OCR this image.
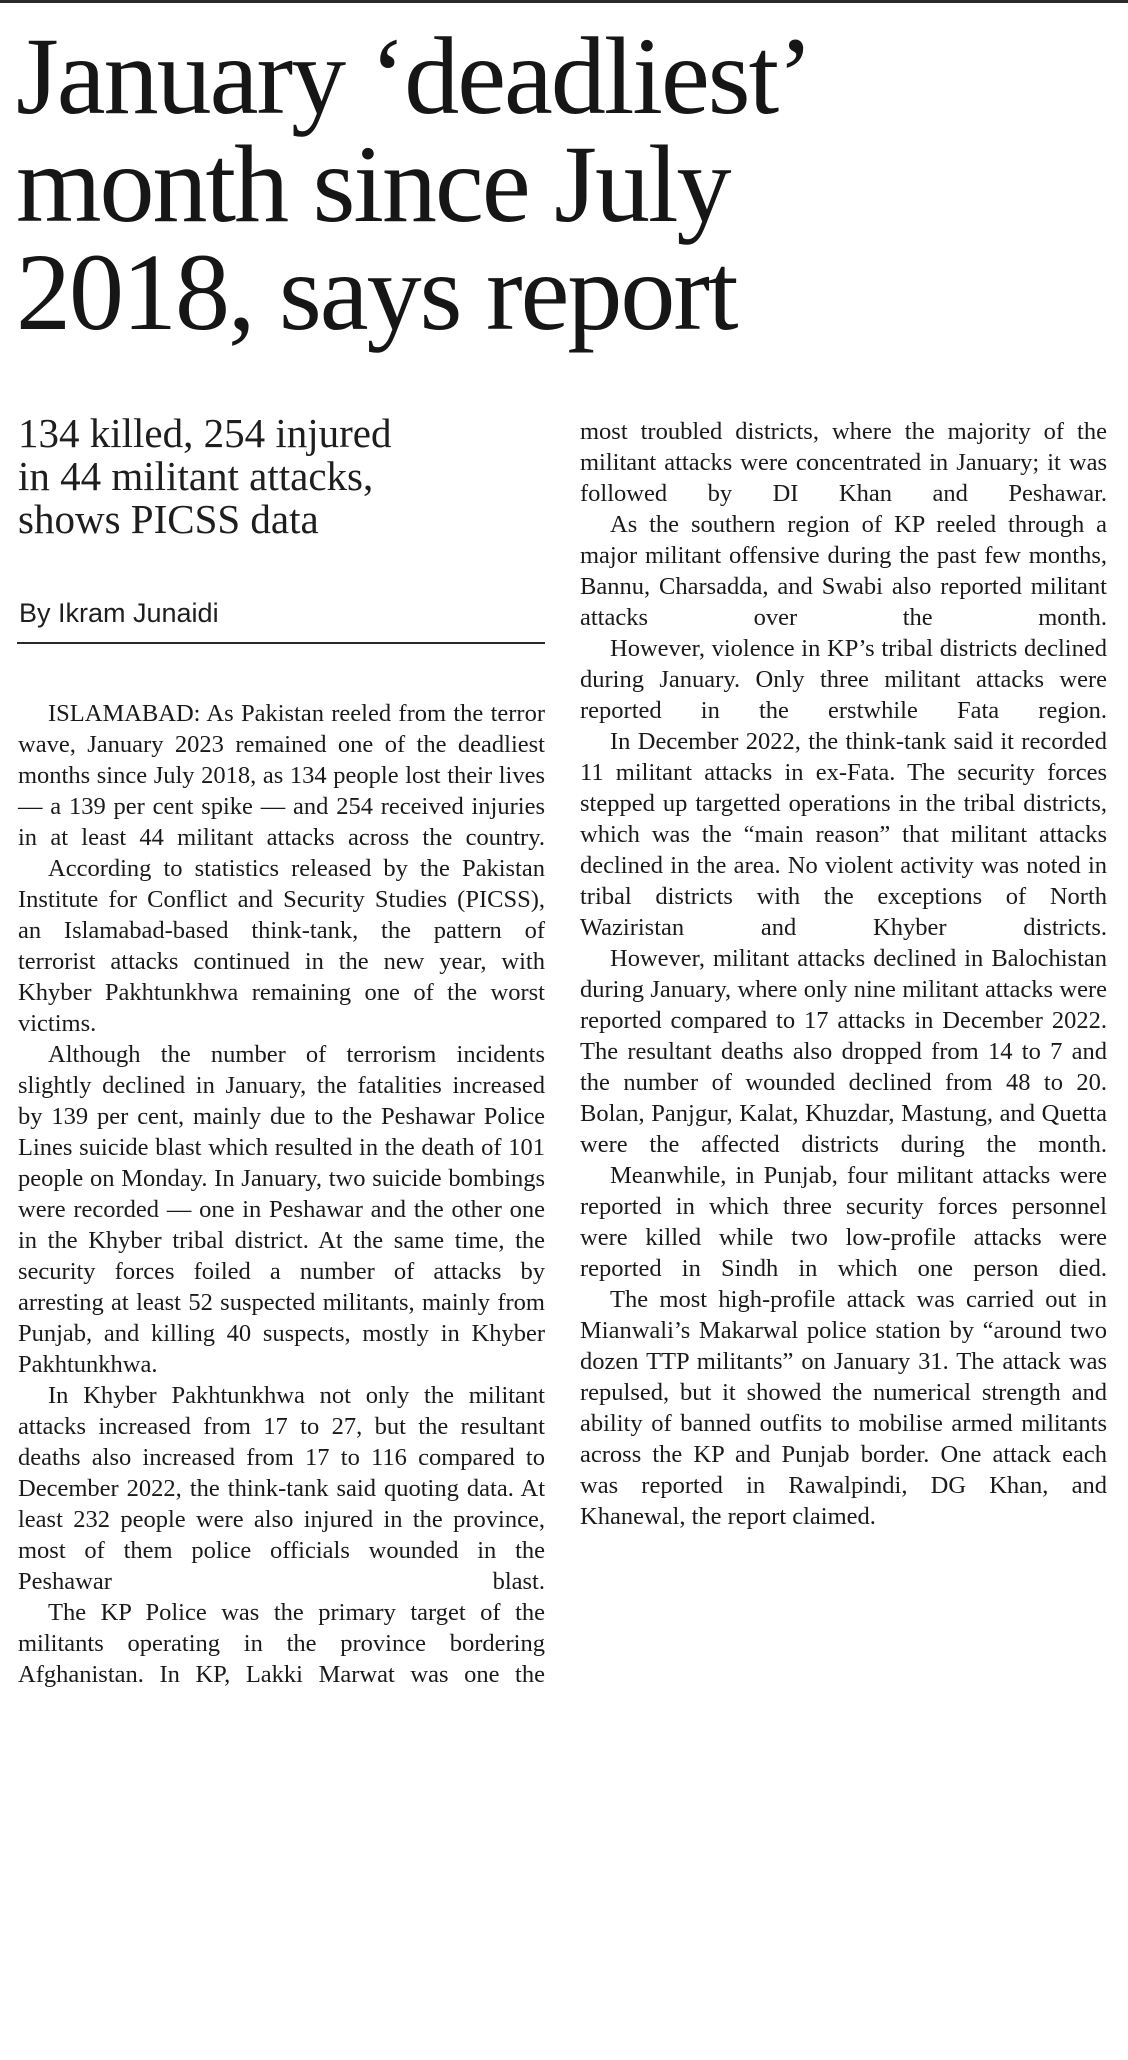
January ‘deadliest’
month since July
2018, says report
134 killed, 254 injured
in 44 militant attacks,
shows PICSS data
By Ikram Junaidi

ISLAMABAD: As Pakistan reeled from the terror wave, January 2023 remained one of the deadliest months since July 2018, as 134 people lost their lives — a 139 per cent spike — and 254 received injuries in at least 44 militant attacks across the country.

According to statistics released by the Pakistan Institute for Conflict and Security Studies (PICSS), an Islamabad-based think-tank, the pattern of terrorist attacks continued in the new year, with Khyber Pakhtunkhwa remaining one of the worst victims.

Although the number of terrorism incidents slightly declined in January, the fatalities increased by 139 per cent, mainly due to the Peshawar Police Lines suicide blast which resulted in the death of 101 people on Monday. In January, two suicide bombings were recorded — one in Peshawar and the other one in the Khyber tribal district. At the same time, the security forces foiled a number of attacks by arresting at least 52 suspected militants, mainly from Punjab, and killing 40 suspects, mostly in Khyber Pakhtunkhwa.

In Khyber Pakhtunkhwa not only the militant attacks increased from 17 to 27, but the resultant deaths also increased from 17 to 116 compared to December 2022, the think-tank said quoting data. At least 232 people were also injured in the province, most of them police officials wounded in the Peshawar blast.

The KP Police was the primary target of the militants operating in the province bordering Afghanistan. In KP, Lakki Marwat was one the

most troubled districts, where the majority of the militant attacks were concentrated in January; it was followed by DI Khan and Peshawar.

As the southern region of KP reeled through a major militant offensive during the past few months, Bannu, Charsadda, and Swabi also reported militant attacks over the month.

However, violence in KP’s tribal districts declined during January. Only three militant attacks were reported in the erstwhile Fata region.

In December 2022, the think-tank said it recorded 11 militant attacks in ex-Fata. The security forces stepped up targetted operations in the tribal districts, which was the “main reason” that militant attacks declined in the area. No violent activity was noted in tribal districts with the exceptions of North Waziristan and Khyber districts.

However, militant attacks declined in Balochistan during January, where only nine militant attacks were reported compared to 17 attacks in December 2022. The resultant deaths also dropped from 14 to 7 and the number of wounded declined from 48 to 20. Bolan, Panjgur, Kalat, Khuzdar, Mastung, and Quetta were the affected districts during the month.

Meanwhile, in Punjab, four militant attacks were reported in which three security forces personnel were killed while two low-profile attacks were reported in Sindh in which one person died.

The most high-profile attack was carried out in Mianwali’s Makarwal police station by “around two dozen TTP militants” on January 31. The attack was repulsed, but it showed the numerical strength and ability of banned outfits to mobilise armed militants across the KP and Punjab border. One attack each was reported in Rawalpindi, DG Khan, and Khanewal, the report claimed.
